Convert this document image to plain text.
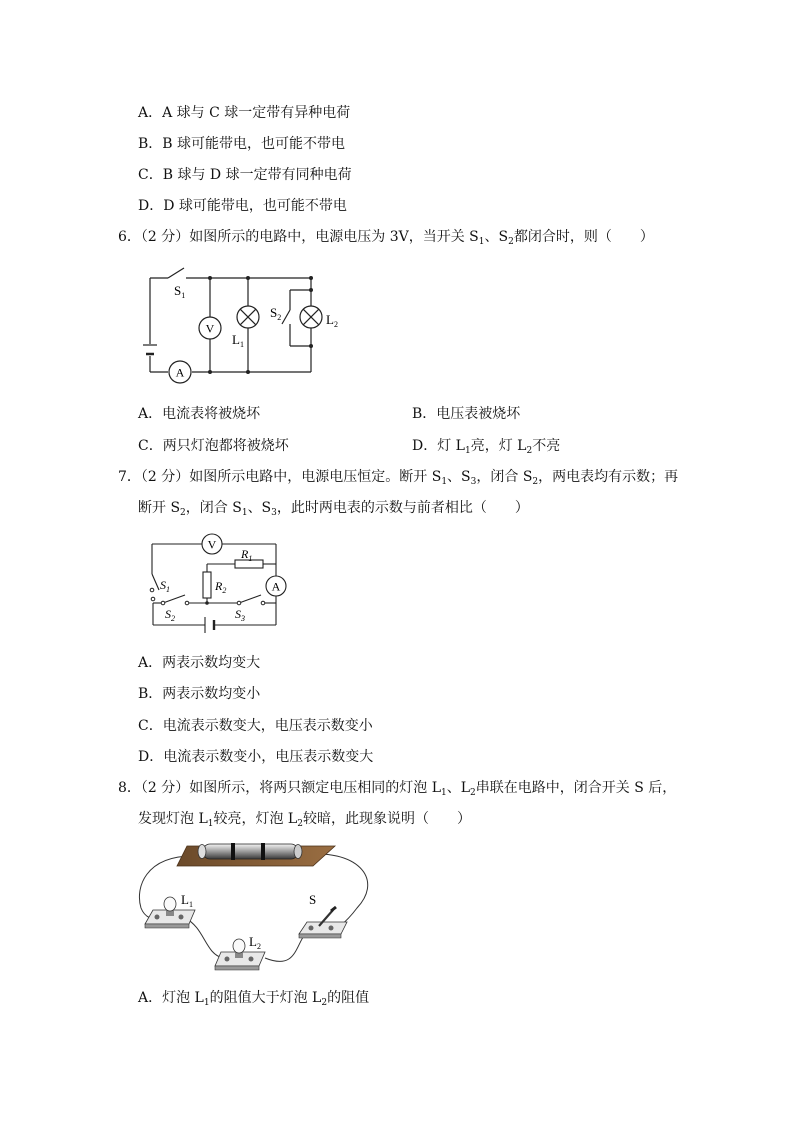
A．A 球与 C 球一定带有异种电荷
B．B 球可能带电，也可能不带电
C．B 球与 D 球一定带有同种电荷
D．D 球可能带电，也可能不带电
6．（2 分）如图所示的电路中，电源电压为 3V，当开关 $S_1$、$S_2$都闭合时，则（　　）
V
A
$S_1$
$L_1$
$S_2$	$L_2$
A．电流表将被烧坏	B．电压表被烧坏
C．两只灯泡都将被烧坏	D．灯 $L_1$亮，灯 $L_2$不亮
7．（2 分）如图所示电路中，电源电压恒定。断开 $S_1$、$S_3$，闭合 $S_2$，两电表均有示数；再
断开 $S_2$，闭合 $S_1$、$S_3$，此时两电表的示数与前者相比（　　）
V
A
$R_1$
$S_1$	$R_2$
$S_2$	$S_3$
A．两表示数均变大
B．两表示数均变小
C．电流表示数变大，电压表示数变小
D．电流表示数变小，电压表示数变大
8．（2 分）如图所示，将两只额定电压相同的灯泡 $L_1$、$L_2$串联在电路中，闭合开关 S 后，
发现灯泡 $L_1$较亮，灯泡 $L_2$较暗，此现象说明（　　）
$L_1$
$L_2$
S
A．灯泡 $L_1$的阻值大于灯泡 $L_2$的阻值
